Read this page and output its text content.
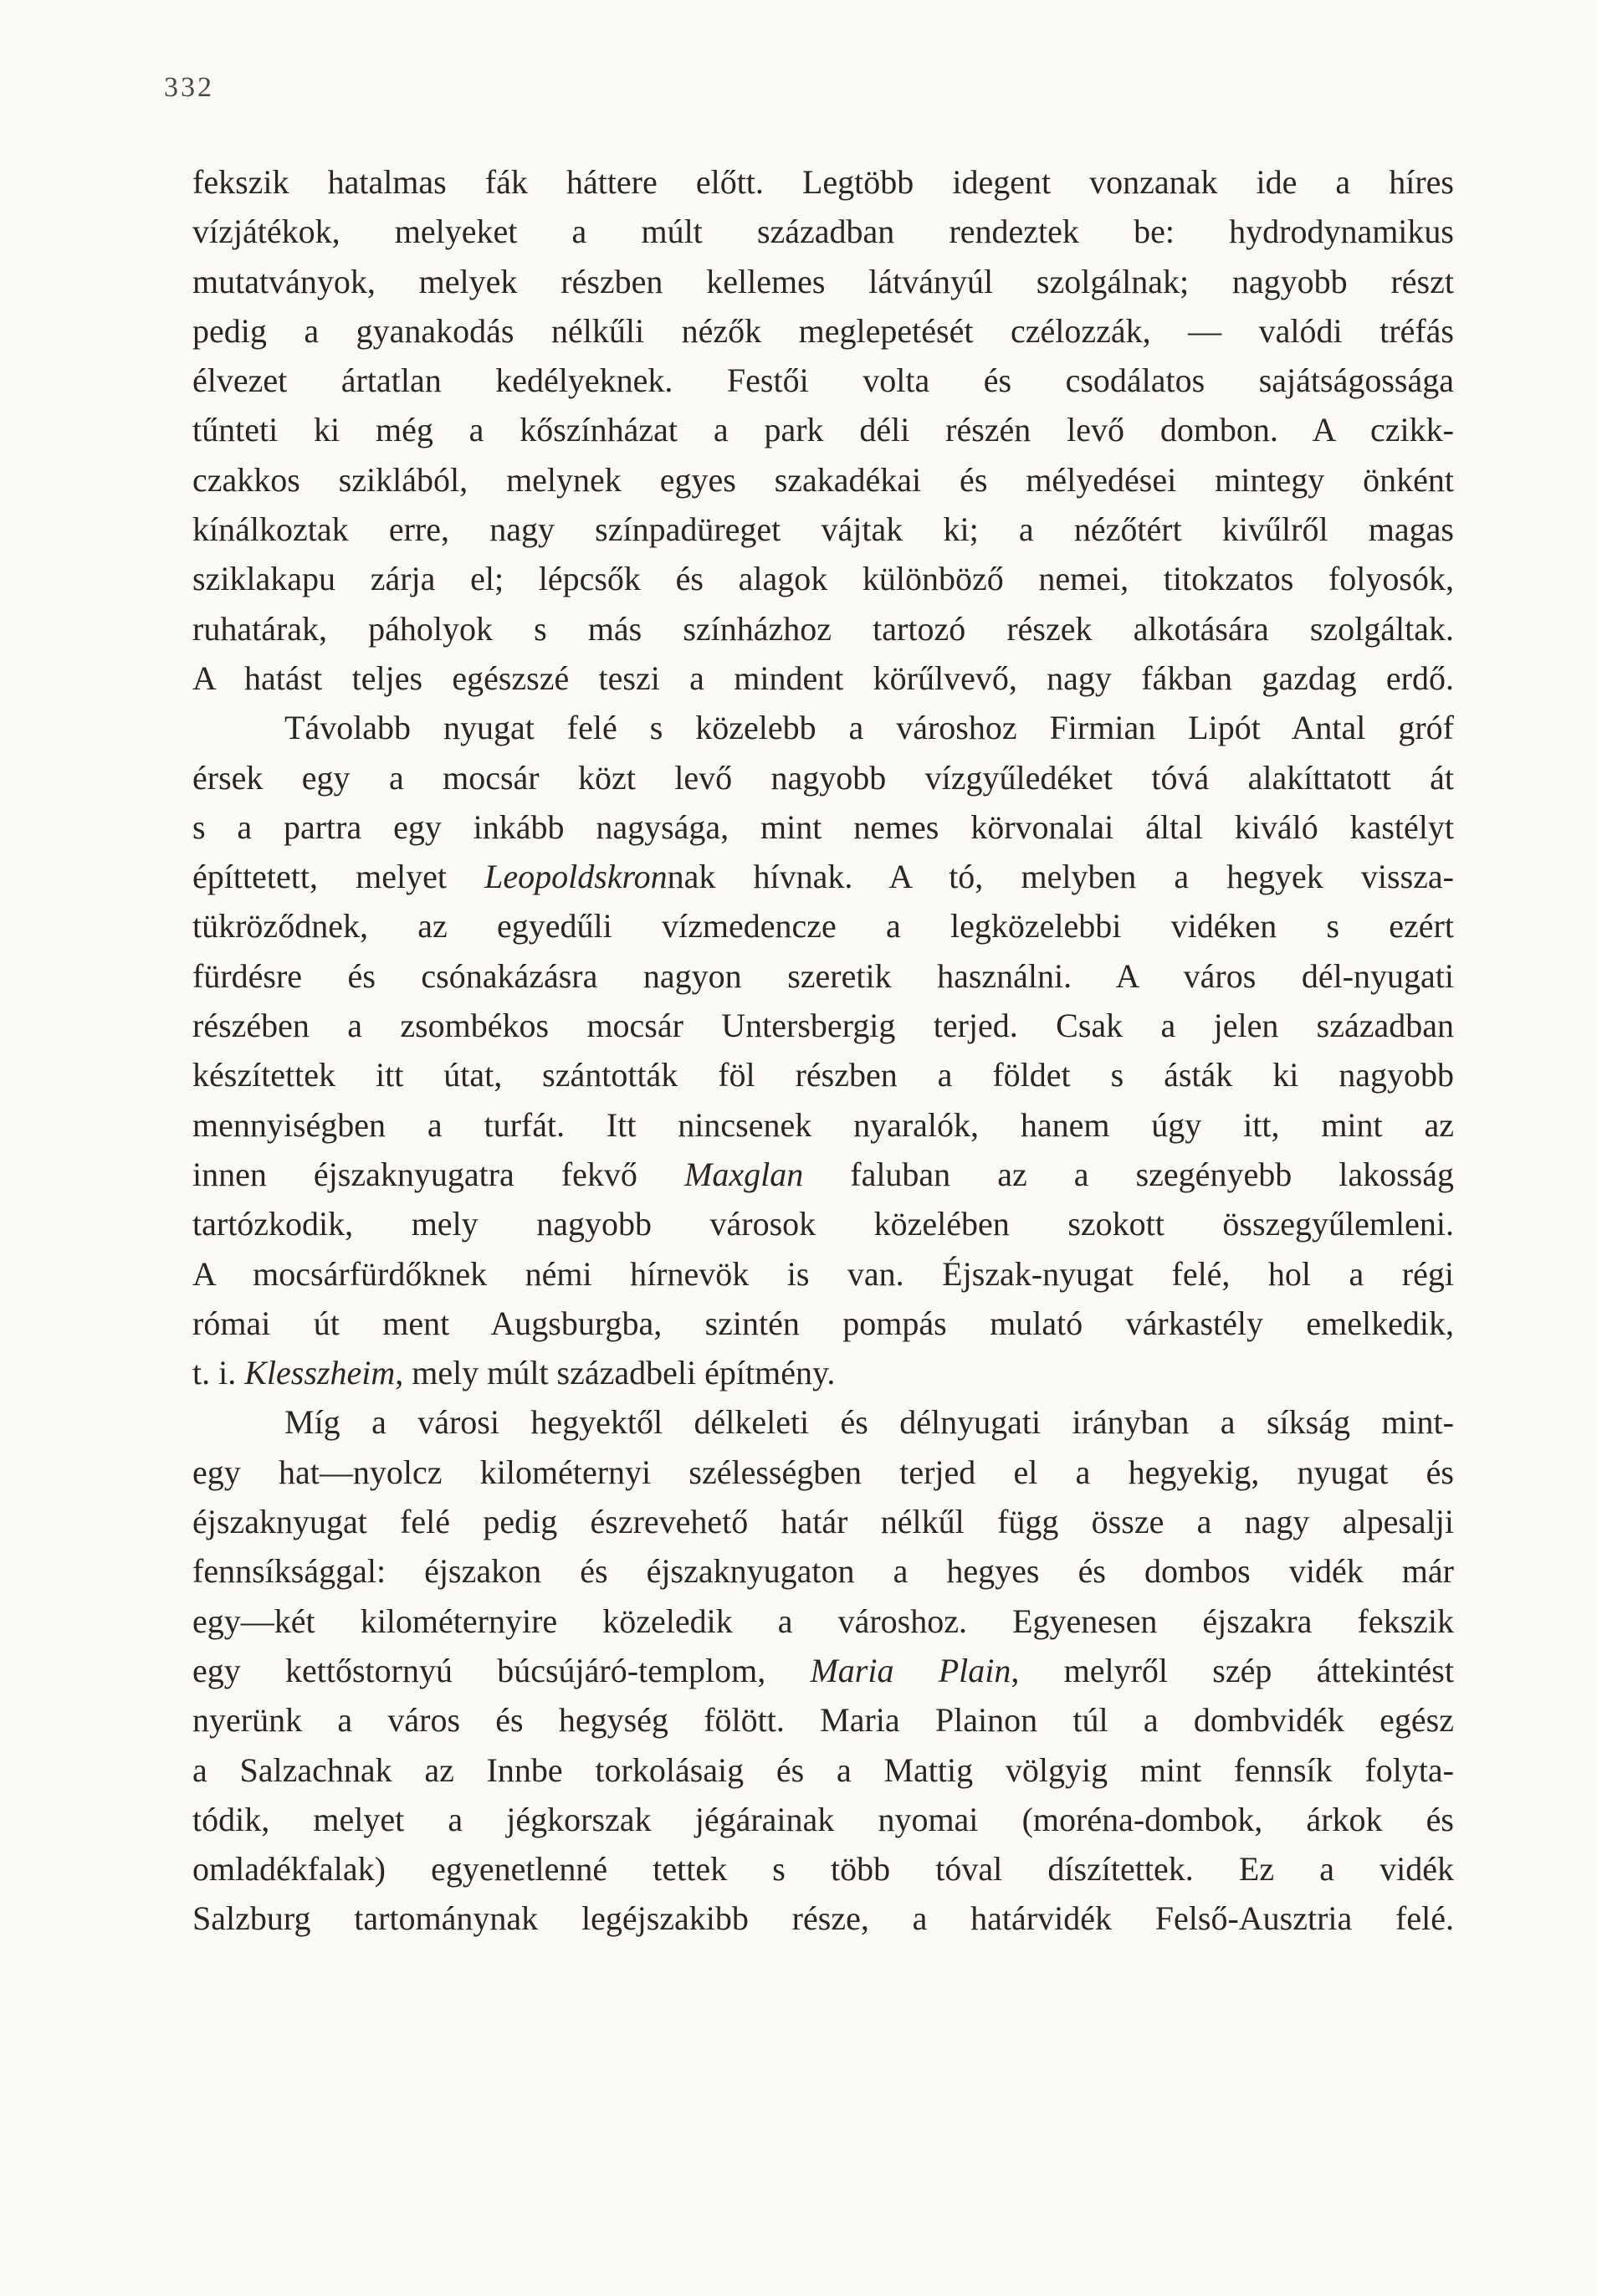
332
fekszik hatalmas fák háttere előtt. Legtöbb idegent vonzanak ide a híres
vízjátékok, melyeket a múlt században rendeztek be: hydrodynamikus
mutatványok, melyek részben kellemes látványúl szolgálnak; nagyobb részt
pedig a gyanakodás nélkűli nézők meglepetését czélozzák, — valódi tréfás
élvezet ártatlan kedélyeknek. Festői volta és csodálatos sajátságossága
tűnteti ki még a kőszínházat a park déli részén levő dombon. A czikk-
czakkos sziklából, melynek egyes szakadékai és mélyedései mintegy önként
kínálkoztak erre, nagy színpadüreget vájtak ki; a nézőtért kivűlről magas
sziklakapu zárja el; lépcsők és alagok különböző nemei, titokzatos folyosók,
ruhatárak, páholyok s más színházhoz tartozó részek alkotására szolgáltak.
A hatást teljes egészszé teszi a mindent körűlvevő, nagy fákban gazdag erdő.
Távolabb nyugat felé s közelebb a városhoz Firmian Lipót Antal gróf
érsek egy a mocsár közt levő nagyobb vízgyűledéket tóvá alakíttatott át
s a partra egy inkább nagysága, mint nemes körvonalai által kiváló kastélyt
építtetett, melyet Leopoldskronnak hívnak. A tó, melyben a hegyek vissza-
tükröződnek, az egyedűli vízmedencze a legközelebbi vidéken s ezért
fürdésre és csónakázásra nagyon szeretik használni. A város dél-nyugati
részében a zsombékos mocsár Untersbergig terjed. Csak a jelen században
készítettek itt útat, szántották föl részben a földet s ásták ki nagyobb
mennyiségben a turfát. Itt nincsenek nyaralók, hanem úgy itt, mint az
innen éjszaknyugatra fekvő Maxglan faluban az a szegényebb lakosság
tartózkodik, mely nagyobb városok közelében szokott összegyűlemleni.
A mocsárfürdőknek némi hírnevök is van. Éjszak-nyugat felé, hol a régi
római út ment Augsburgba, szintén pompás mulató várkastély emelkedik,
t. i. Klesszheim, mely múlt századbeli építmény.
Míg a városi hegyektől délkeleti és délnyugati irányban a síkság mint-
egy hat—nyolcz kilométernyi szélességben terjed el a hegyekig, nyugat és
éjszaknyugat felé pedig észrevehető határ nélkűl függ össze a nagy alpesalji
fennsíksággal: éjszakon és éjszaknyugaton a hegyes és dombos vidék már
egy—két kilométernyire közeledik a városhoz. Egyenesen éjszakra fekszik
egy kettőstornyú búcsújáró-templom, Maria Plain, melyről szép áttekintést
nyerünk a város és hegység fölött. Maria Plainon túl a dombvidék egész
a Salzachnak az Innbe torkolásaig és a Mattig völgyig mint fennsík folyta-
tódik, melyet a jégkorszak jégárainak nyomai (moréna-dombok, árkok és
omladékfalak) egyenetlenné tettek s több tóval díszítettek. Ez a vidék
Salzburg tartománynak legéjszakibb része, a határvidék Felső-Ausztria felé.
